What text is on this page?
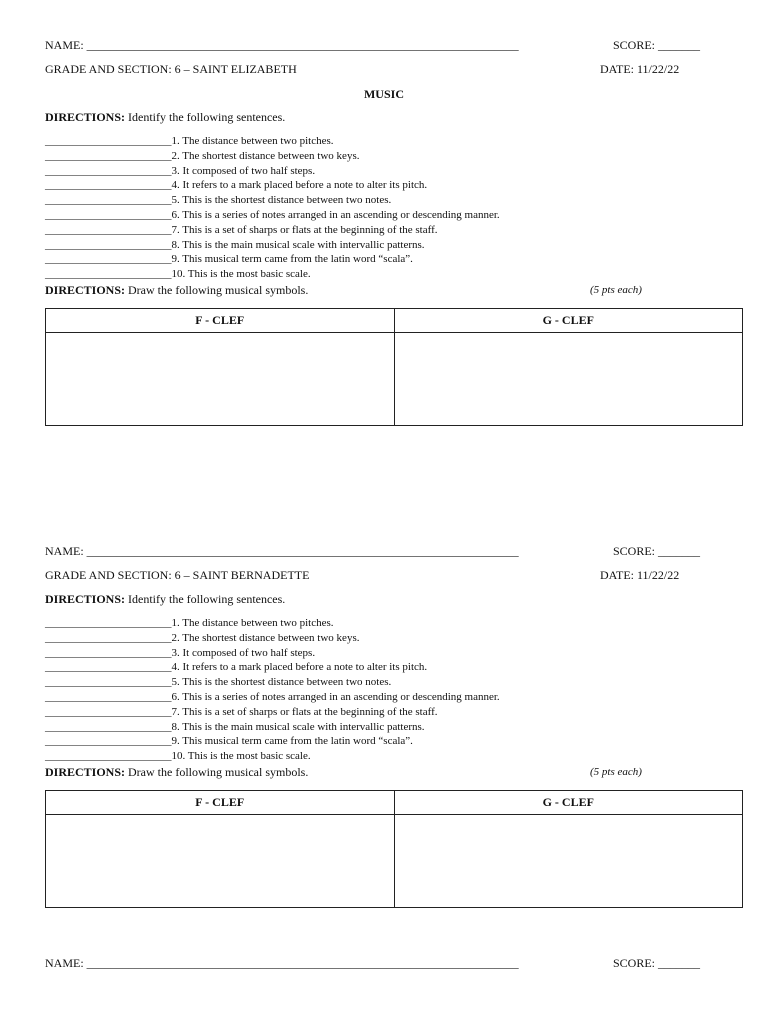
NAME: ________________________________________________________________________	SCORE: _______
GRADE AND SECTION: 6 – SAINT ELIZABETH	DATE: 11/22/22
MUSIC
DIRECTIONS: Identify the following sentences.
_______________________1. The distance between two pitches.
_______________________2. The shortest distance between two keys.
_______________________3. It composed of two half steps.
_______________________4. It refers to a mark placed before a note to alter its pitch.
_______________________5. This is the shortest distance between two notes.
_______________________6. This is a series of notes arranged in an ascending or descending manner.
_______________________7. This is a set of sharps or flats at the beginning of the staff.
_______________________8. This is the main musical scale with intervallic patterns.
_______________________9. This musical term came from the latin word “scala”.
_______________________10. This is the most basic scale.
DIRECTIONS: Draw the following musical symbols.	(5 pts each)
F - CLEF	G - CLEF

NAME: ________________________________________________________________________	SCORE: _______
GRADE AND SECTION: 6 – SAINT BERNADETTE	DATE: 11/22/22
DIRECTIONS: Identify the following sentences.
_______________________1. The distance between two pitches.
_______________________2. The shortest distance between two keys.
_______________________3. It composed of two half steps.
_______________________4. It refers to a mark placed before a note to alter its pitch.
_______________________5. This is the shortest distance between two notes.
_______________________6. This is a series of notes arranged in an ascending or descending manner.
_______________________7. This is a set of sharps or flats at the beginning of the staff.
_______________________8. This is the main musical scale with intervallic patterns.
_______________________9. This musical term came from the latin word “scala”.
_______________________10. This is the most basic scale.
DIRECTIONS: Draw the following musical symbols.	(5 pts each)
F - CLEF	G - CLEF

NAME: ________________________________________________________________________	SCORE: _______
